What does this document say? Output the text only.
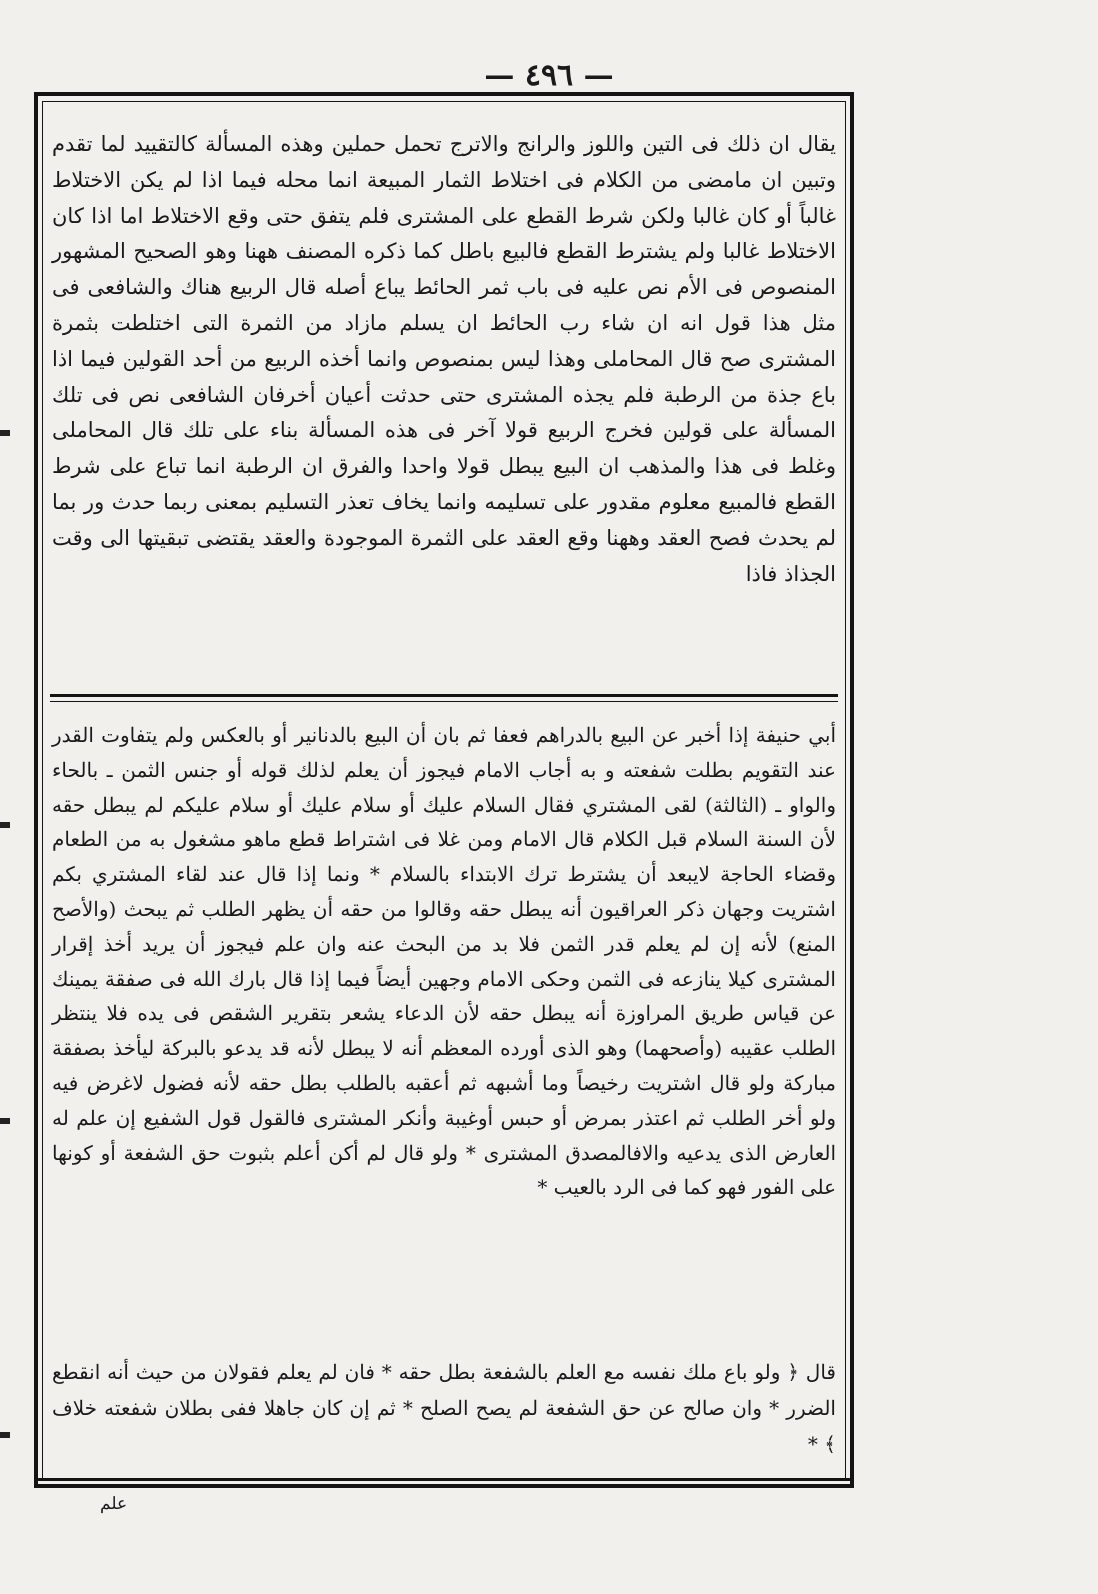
— ٤٩٦ —

يقال ان ذلك فى التين واللوز والرانج والاترج تحمل حملين وهذه المسألة كالتقييد لما تقدم وتبين ان مامضى من الكلام فى اختلاط الثمار المبيعة انما محله فيما اذا لم يكن الاختلاط غالباً أو كان غالبا ولكن شرط القطع على المشترى فلم يتفق حتى وقع الاختلاط اما اذا كان الاختلاط غالبا ولم يشترط القطع فالبيع باطل كما ذكره المصنف ههنا وهو الصحيح المشهور المنصوص فى الأم نص عليه فى باب ثمر الحائط يباع أصله قال الربيع هناك والشافعى فى مثل هذا قول انه ان شاء رب الحائط ان يسلم مازاد من الثمرة التى اختلطت بثمرة المشترى صح قال المحاملى وهذا ليس بمنصوص وانما أخذه الربيع من أحد القولين فيما اذا باع جذة من الرطبة فلم يجذه المشترى حتى حدثت أعيان أخرفان الشافعى نص فى تلك المسألة على قولين فخرج الربيع قولا آخر فى هذه المسألة بناء على تلك قال المحاملى وغلط فى هذا والمذهب ان البيع يبطل قولا واحدا والفرق ان الرطبة انما تباع على شرط القطع فالمبيع معلوم مقدور على تسليمه وانما يخاف تعذر التسليم بمعنى ربما حدث ور بما لم يحدث فصح العقد وههنا وقع العقد على الثمرة الموجودة والعقد يقتضى تبقيتها الى وقت الجذاذ فاذا

أبي حنيفة إذا أخبر عن البيع بالدراهم فعفا ثم بان أن البيع بالدنانير أو بالعكس ولم يتفاوت القدر عند التقويم بطلت شفعته و به أجاب الامام فيجوز أن يعلم لذلك قوله أو جنس الثمن ـ بالحاء والواو ـ (الثالثة) لقى المشتري فقال السلام عليك أو سلام عليك أو سلام عليكم لم يبطل حقه لأن السنة السلام قبل الكلام قال الامام ومن غلا فى اشتراط قطع ماهو مشغول به من الطعام وقضاء الحاجة لايبعد أن يشترط ترك الابتداء بالسلام * ونما إذا قال عند لقاء المشتري بكم اشتريت وجهان ذكر العراقيون أنه يبطل حقه وقالوا من حقه أن يظهر الطلب ثم يبحث (والأصح المنع) لأنه إن لم يعلم قدر الثمن فلا بد من البحث عنه وان علم فيجوز أن يريد أخذ إقرار المشترى كيلا ينازعه فى الثمن وحكى الامام وجهين أيضاً فيما إذا قال بارك الله فى صفقة يمينك عن قياس طريق المراوزة أنه يبطل حقه لأن الدعاء يشعر بتقرير الشقص فى يده فلا ينتظر الطلب عقيبه (وأصحهما) وهو الذى أورده المعظم أنه لا يبطل لأنه قد يدعو بالبركة ليأخذ بصفقة مباركة ولو قال اشتريت رخيصاً وما أشبهه ثم أعقبه بالطلب بطل حقه لأنه فضول لاغرض فيه ولو أخر الطلب ثم اعتذر بمرض أو حبس أوغيبة وأنكر المشترى فالقول قول الشفيع إن علم له العارض الذى يدعيه والافالمصدق المشترى * ولو قال لم أكن أعلم بثبوت حق الشفعة أو كونها على الفور فهو كما فى الرد بالعيب *

قال ﴿ ولو باع ملك نفسه مع العلم بالشفعة بطل حقه * فان لم يعلم فقولان من حيث أنه انقطع الضرر * وان صالح عن حق الشفعة لم يصح الصلح * ثم إن كان جاهلا ففى بطلان شفعته خلاف ﴾ *

علم
